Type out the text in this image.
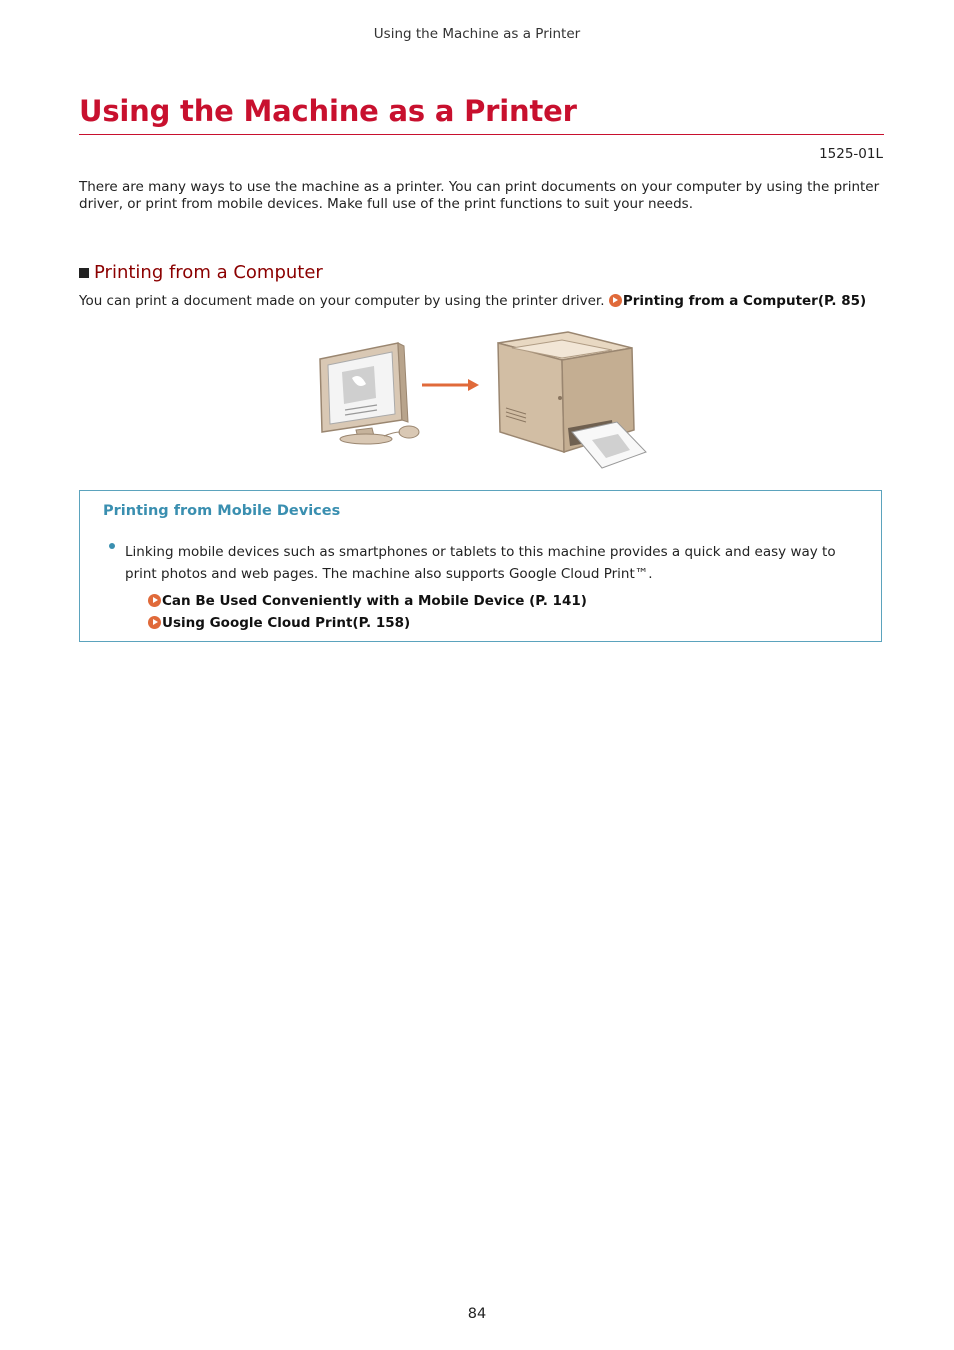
Using the Machine as a Printer
Using the Machine as a Printer
1525-01L

There are many ways to use the machine as a printer. You can print documents on your computer by using the printer driver, or print from mobile devices. Make full use of the print functions to suit your needs.

Printing from a Computer

You can print a document made on your computer by using the printer driver. Printing from a Computer(P. 85)

Printing from Mobile Devices

Linking mobile devices such as smartphones or tablets to this machine provides a quick and easy way to print photos and web pages. The machine also supports Google Cloud Print™.

Can Be Used Conveniently with a Mobile Device (P. 141)
Using Google Cloud Print(P. 158)
84
